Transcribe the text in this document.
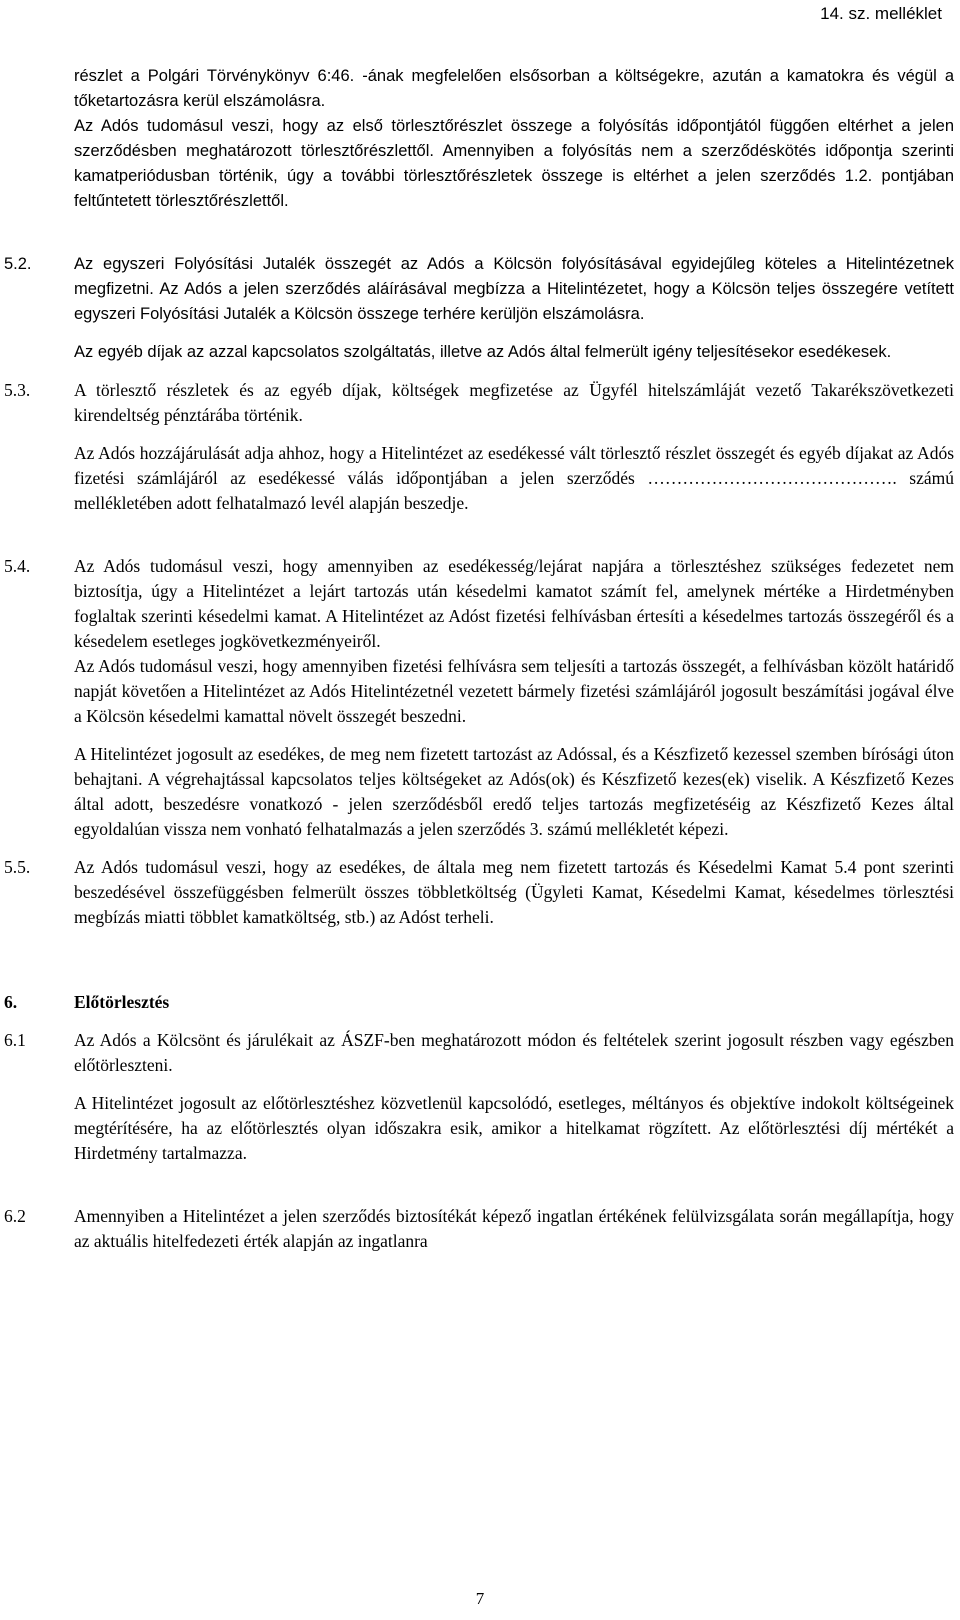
14. sz. melléklet

részlet a Polgári Törvénykönyv 6:46. -ának megfelelően elsősorban a költségekre, azután a kamatokra és végül a tőketartozásra kerül elszámolásra.

Az Adós tudomásul veszi, hogy az első törlesztőrészlet összege a folyósítás időpontjától függően eltérhet a jelen szerződésben meghatározott törlesztőrészlettől. Amennyiben a folyósítás nem a szerződéskötés időpontja szerinti kamatperiódusban történik, úgy a további törlesztőrészletek összege is eltérhet a jelen szerződés 1.2. pontjában feltűntetett törlesztőrészlettől.

5.2.	Az egyszeri Folyósítási Jutalék összegét az Adós a Kölcsön folyósításával egyidejűleg köteles a Hitelintézetnek megfizetni. Az Adós a jelen szerződés aláírásával megbízza a Hitelintézetet, hogy a Kölcsön teljes összegére vetített egyszeri Folyósítási Jutalék a Kölcsön összege terhére kerüljön elszámolásra.

Az egyéb díjak az azzal kapcsolatos szolgáltatás, illetve az Adós által felmerült igény teljesítésekor esedékesek.

5.3.	A törlesztő részletek és az egyéb díjak, költségek megfizetése az Ügyfél hitelszámláját vezető Takarékszövetkezeti kirendeltség pénztárába történik.

Az Adós hozzájárulását adja ahhoz, hogy a Hitelintézet az esedékessé vált törlesztő részlet összegét és egyéb díjakat az Adós fizetési számlájáról az esedékessé válás időpontjában a jelen szerződés ……………………………………. számú mellékletében adott felhatalmazó levél alapján beszedje.

5.4.	Az Adós tudomásul veszi, hogy amennyiben az esedékesség/lejárat napjára a törlesztéshez szükséges fedezetet nem biztosítja, úgy a Hitelintézet a lejárt tartozás után késedelmi kamatot számít fel, amelynek mértéke a Hirdetményben foglaltak szerinti késedelmi kamat. A Hitelintézet az Adóst fizetési felhívásban értesíti a késedelmes tartozás összegéről és a késedelem esetleges jogkövetkezményeiről.

Az Adós tudomásul veszi, hogy amennyiben fizetési felhívásra sem teljesíti a tartozás összegét, a felhívásban közölt határidő napját követően a Hitelintézet az Adós Hitelintézetnél vezetett bármely fizetési számlájáról jogosult beszámítási jogával élve a Kölcsön késedelmi kamattal növelt összegét beszedni.

A Hitelintézet jogosult az esedékes, de meg nem fizetett tartozást az Adóssal, és a Készfizető kezessel szemben bírósági úton behajtani. A végrehajtással kapcsolatos teljes költségeket az Adós(ok) és Készfizető kezes(ek) viselik. A Készfizető Kezes által adott, beszedésre vonatkozó - jelen szerződésből eredő teljes tartozás megfizetéséig az Készfizető Kezes által egyoldalúan vissza nem vonható felhatalmazás a jelen szerződés 3. számú mellékletét képezi.

5.5.	Az Adós tudomásul veszi, hogy az esedékes, de általa meg nem fizetett tartozás és Késedelmi Kamat 5.4 pont szerinti beszedésével összefüggésben felmerült összes többletköltség (Ügyleti Kamat, Késedelmi Kamat, késedelmes törlesztési megbízás miatti többlet kamatköltség, stb.) az Adóst terheli.

6.	Előtörlesztés
6.1	Az Adós a Kölcsönt és járulékait az ÁSZF-ben meghatározott módon és feltételek szerint jogosult részben vagy egészben előtörleszteni.

A Hitelintézet jogosult az előtörlesztéshez közvetlenül kapcsolódó, esetleges, méltányos és objektíve indokolt költségeinek megtérítésére, ha az előtörlesztés olyan időszakra esik, amikor a hitelkamat rögzített. Az előtörlesztési díj mértékét a Hirdetmény tartalmazza.

6.2	Amennyiben a Hitelintézet a jelen szerződés biztosítékát képező ingatlan értékének felülvizsgálata során megállapítja, hogy az aktuális hitelfedezeti érték alapján az ingatlanra

7
